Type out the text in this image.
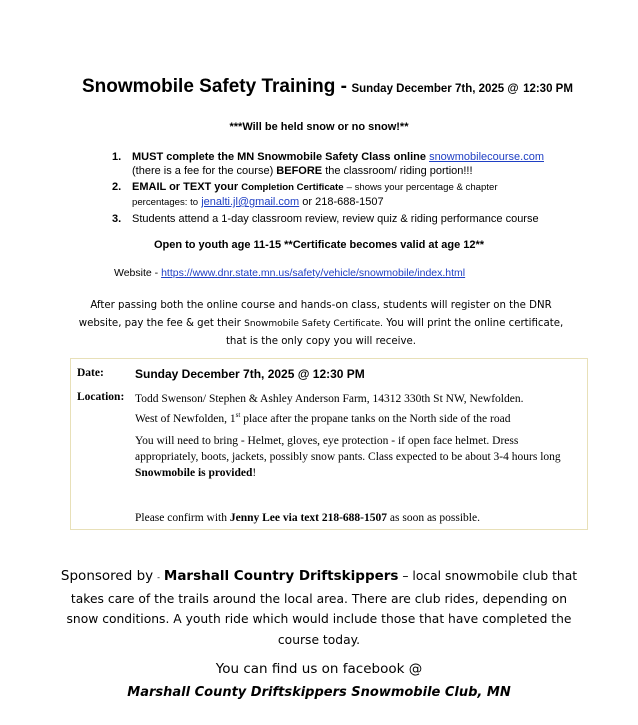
Snowmobile Safety Training - Sunday December 7th, 2025 @ 12:30 PM
***Will be held snow or no snow!**
1. MUST complete the MN Snowmobile Safety Class online snowmobilecourse.com
(there is a fee for the course) BEFORE the classroom/ riding portion!!!
2. EMAIL or TEXT your Completion Certificate – shows your percentage & chapter
percentages: to jenalti.jl@gmail.com or 218-688-1507
3. Students attend a 1-day classroom review, review quiz & riding performance course
Open to youth age 11-15 **Certificate becomes valid at age 12**
Website - https://www.dnr.state.mn.us/safety/vehicle/snowmobile/index.html
After passing both the online course and hands-on class, students will register on the DNR website, pay the fee & get their Snowmobile Safety Certificate. You will print the online certificate, that is the only copy you will receive.
Date:	Sunday December 7th, 2025 @ 12:30 PM
Location: Todd Swenson/ Stephen & Ashley Anderson Farm, 14312 330th St NW, Newfolden.
West of Newfolden, 1st place after the propane tanks on the North side of the road
You will need to bring - Helmet, gloves, eye protection - if open face helmet. Dress appropriately, boots, jackets, possibly snow pants. Class expected to be about 3-4 hours long
Snowmobile is provided!
Please confirm with Jenny Lee via text 218-688-1507 as soon as possible.
Sponsored by - Marshall Country Driftskippers – local snowmobile club that takes care of the trails around the local area. There are club rides, depending on snow conditions. A youth ride which would include those that have completed the course today.
You can find us on facebook @
Marshall County Driftskippers Snowmobile Club, MN
